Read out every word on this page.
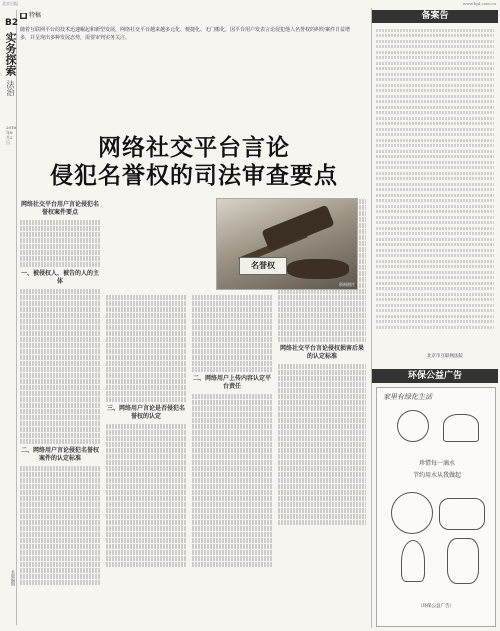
北京日报	www.bjd.com.cn
B2
实务探索
法治
2016年8月2日
本版编辑
■ 特稿
随着互联网平台的技术迅速崛起和新型发展，网络社交平台越来越多元化、便捷化、无门槛化，因平台用户发表言论侵犯他人名誉权的纠纷案件日益增多，并呈现出多种发展态势，需要审判实务关注。
网络社交平台言论
侵犯名誉权的司法审查要点
网络社交平台用户言论侵犯名誉权案件要点
一、被侵权人、被告的人的主体
二、网络用户言论侵犯名誉权案件的认定标准
三、网络用户言论是否侵犯名誉权的认定
二、网络用户上传内容认定平台责任
网络社交平台言论侵权损害后果的认定标准
名誉权
资料图片
备案告
北京市互联网法院
环保公益广告
家里有绿化生活
珍惜每一滴水
节约用水从我做起
（环保公益广告）
